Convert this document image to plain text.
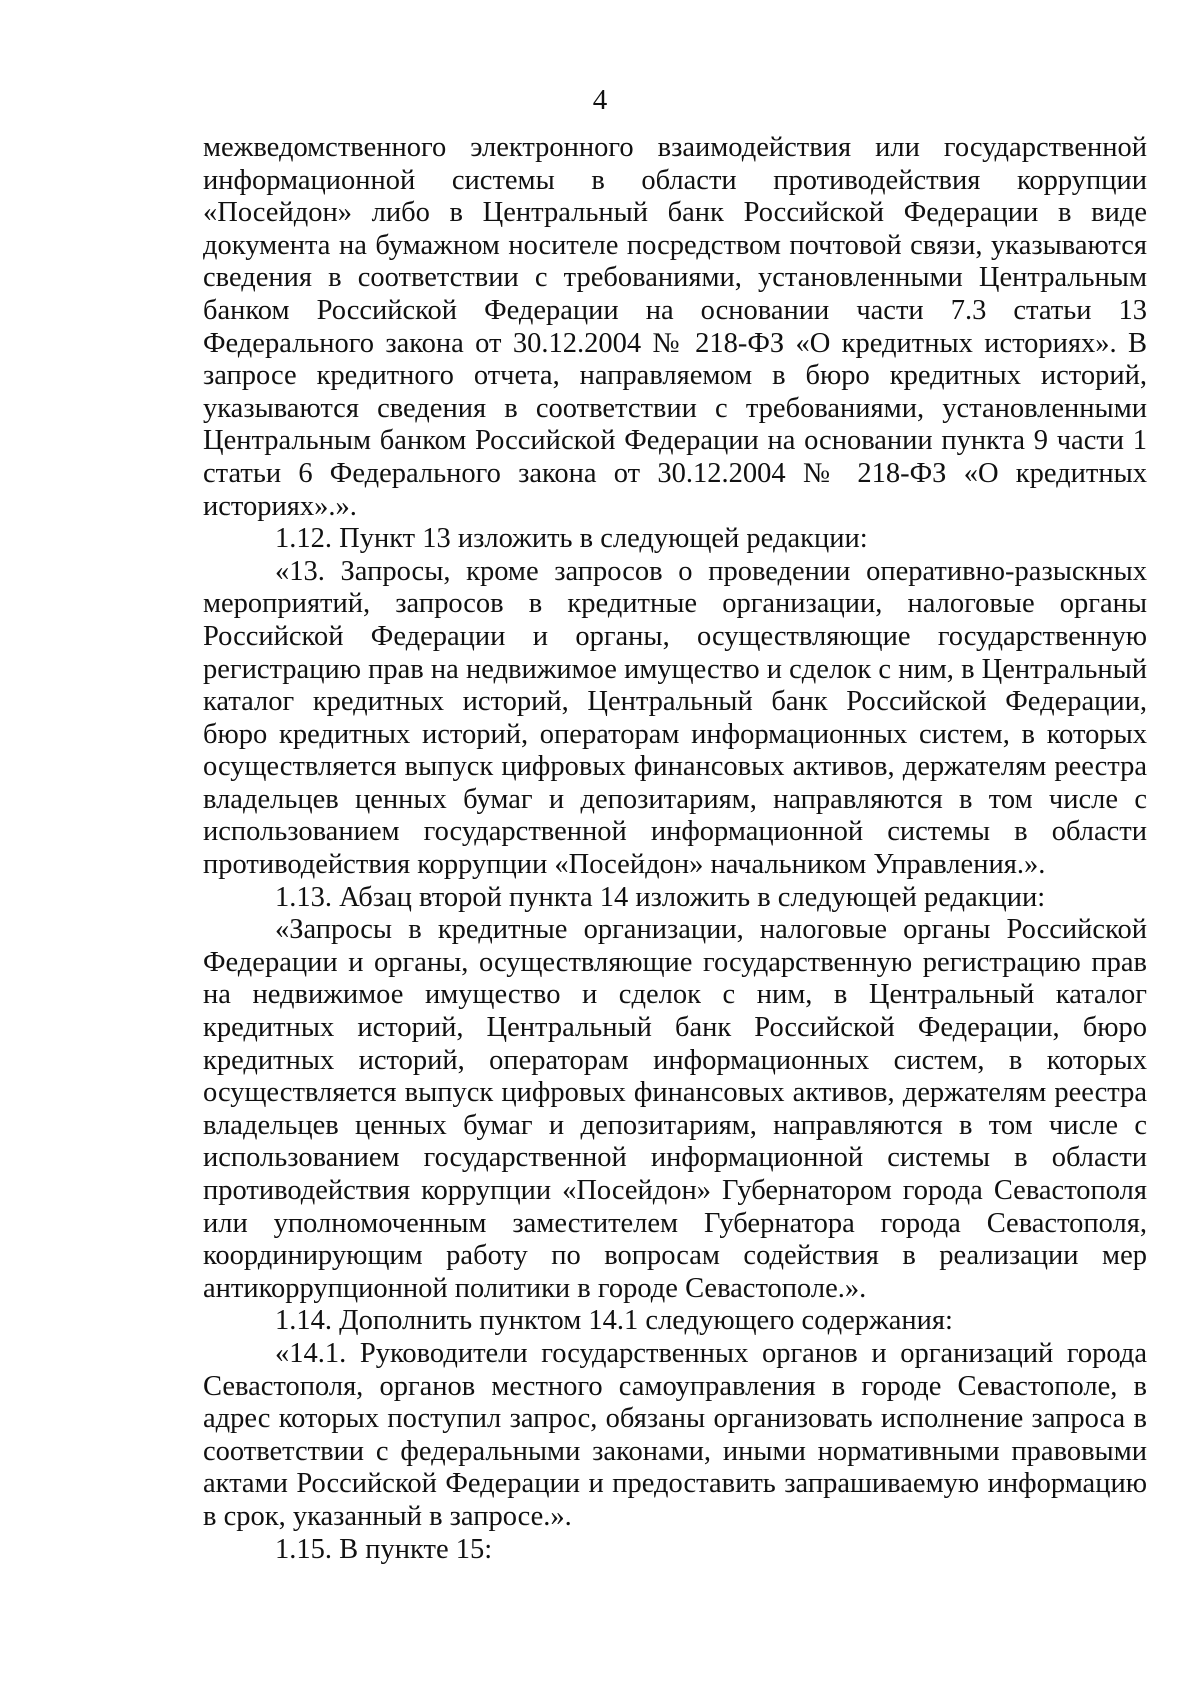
4

межведомственного электронного взаимодействия или государственной информационной системы в области противодействия коррупции «Посейдон» либо в Центральный банк Российской Федерации в виде документа на бумажном носителе посредством почтовой связи, указываются сведения в соответствии с требованиями, установленными Центральным банком Российской Федерации на основании части 7.3 статьи 13 Федерального закона от 30.12.2004 № 218-ФЗ «О кредитных историях». В запросе кредитного отчета, направляемом в бюро кредитных историй, указываются сведения в соответствии с требованиями, установленными Центральным банком Российской Федерации на основании пункта 9 части 1 статьи 6 Федерального закона от 30.12.2004 № 218-ФЗ «О кредитных историях».».

1.12. Пункт 13 изложить в следующей редакции:

«13. Запросы, кроме запросов о проведении оперативно-разыскных мероприятий, запросов в кредитные организации, налоговые органы Российской Федерации и органы, осуществляющие государственную регистрацию прав на недвижимое имущество и сделок с ним, в Центральный каталог кредитных историй, Центральный банк Российской Федерации, бюро кредитных историй, операторам информационных систем, в которых осуществляется выпуск цифровых финансовых активов, держателям реестра владельцев ценных бумаг и депозитариям, направляются в том числе с использованием государственной информационной системы в области противодействия коррупции «Посейдон» начальником Управления.».

1.13. Абзац второй пункта 14 изложить в следующей редакции:

«Запросы в кредитные организации, налоговые органы Российской Федерации и органы, осуществляющие государственную регистрацию прав на недвижимое имущество и сделок с ним, в Центральный каталог кредитных историй, Центральный банк Российской Федерации, бюро кредитных историй, операторам информационных систем, в которых осуществляется выпуск цифровых финансовых активов, держателям реестра владельцев ценных бумаг и депозитариям, направляются в том числе с использованием государственной информационной системы в области противодействия коррупции «Посейдон» Губернатором города Севастополя или уполномоченным заместителем Губернатора города Севастополя, координирующим работу по вопросам содействия в реализации мер антикоррупционной политики в городе Севастополе.».

1.14. Дополнить пунктом 14.1 следующего содержания:

«14.1. Руководители государственных органов и организаций города Севастополя, органов местного самоуправления в городе Севастополе, в адрес которых поступил запрос, обязаны организовать исполнение запроса в соответствии с федеральными законами, иными нормативными правовыми актами Российской Федерации и предоставить запрашиваемую информацию в срок, указанный в запросе.».

1.15. В пункте 15:
